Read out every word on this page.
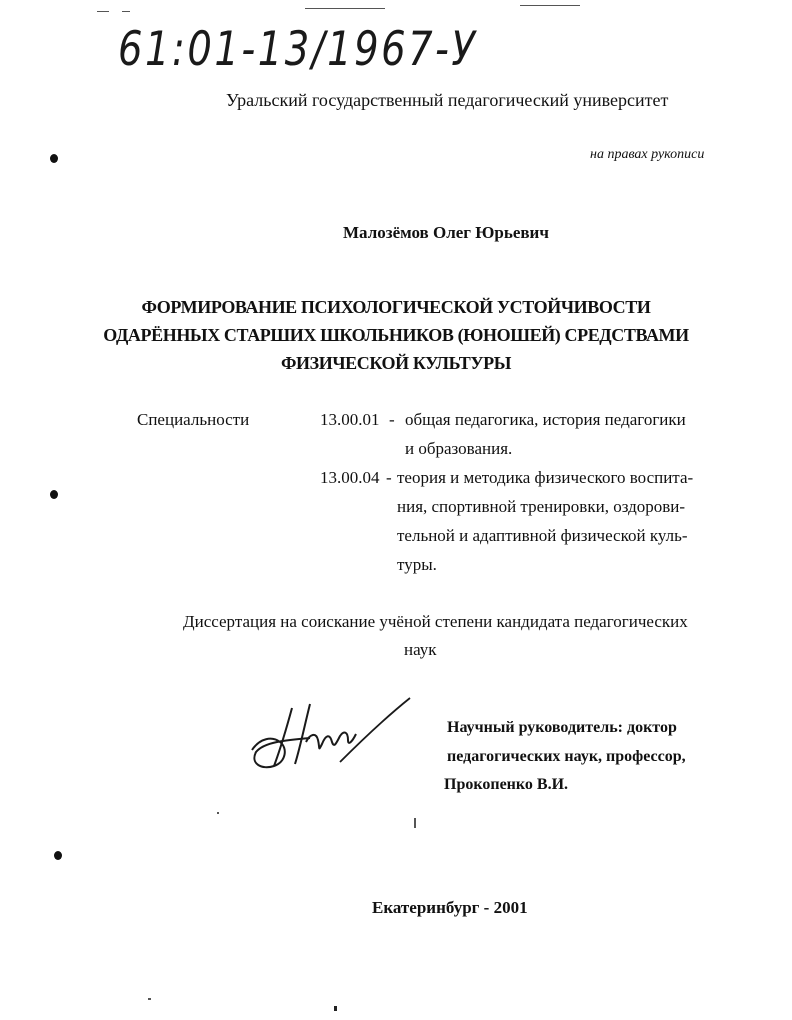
61:01-13/1967-У
Уральский государственный педагогический университет
на правах рукописи
Малозёмов Олег Юрьевич
ФОРМИРОВАНИЕ ПСИХОЛОГИЧЕСКОЙ УСТОЙЧИВОСТИ
ОДАРЁННЫХ СТАРШИХ ШКОЛЬНИКОВ (ЮНОШЕЙ) СРЕДСТВАМИ
ФИЗИЧЕСКОЙ КУЛЬТУРЫ
Специальности	13.00.01 - общая педагогика, история педагогики
и образования.
13.00.04 - теория и методика физического воспита-
ния, спортивной тренировки, оздорови-
тельной и адаптивной физической куль-
туры.
Диссертация на соискание учёной степени кандидата педагогических
наук
Научный руководитель: доктор
педагогических наук, профессор,
Прокопенко В.И.
Екатеринбург - 2001
